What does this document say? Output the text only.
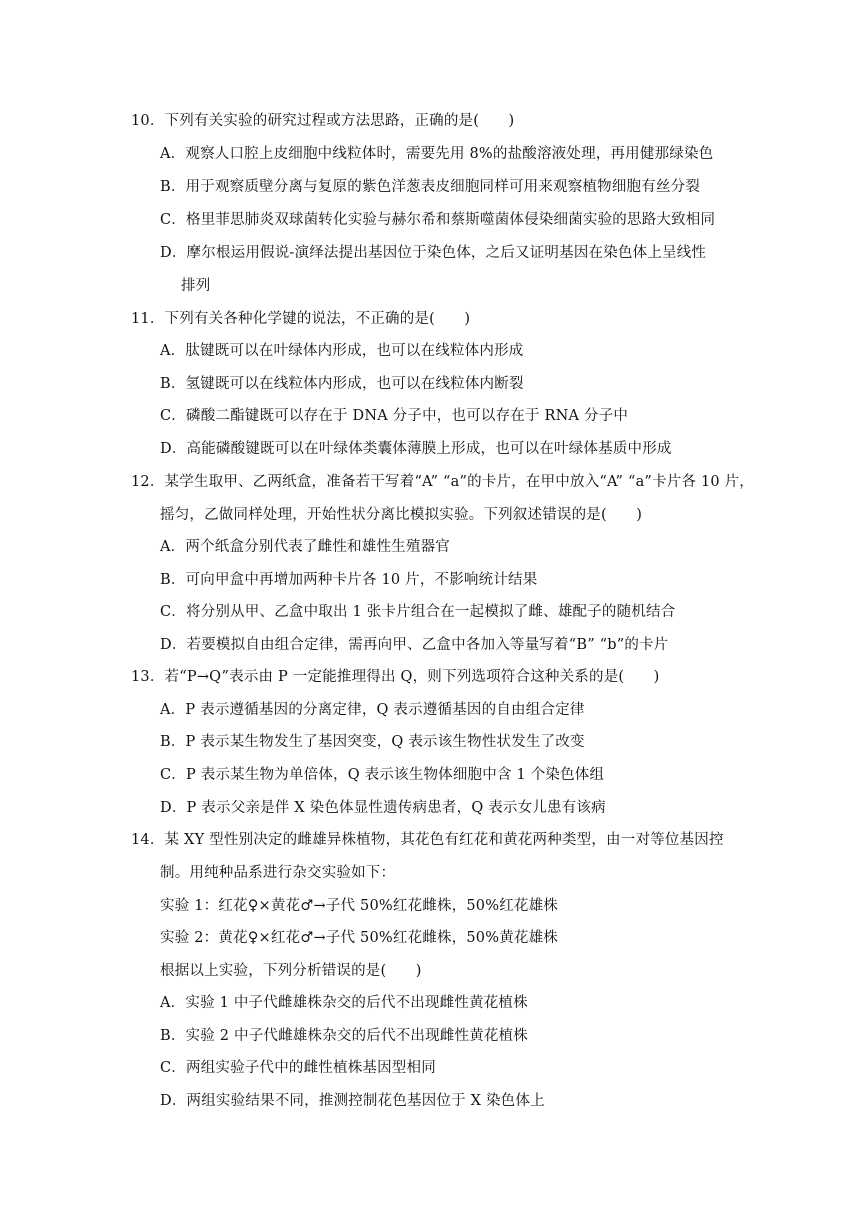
10．下列有关实验的研究过程或方法思路，正确的是(　　)
A．观察人口腔上皮细胞中线粒体时，需要先用 8%的盐酸溶液处理，再用健那绿染色
B．用于观察质壁分离与复原的紫色洋葱表皮细胞同样可用来观察植物细胞有丝分裂
C．格里菲思肺炎双球菌转化实验与赫尔希和蔡斯噬菌体侵染细菌实验的思路大致相同
D．摩尔根运用假说-演绎法提出基因位于染色体，之后又证明基因在染色体上呈线性
排列
11．下列有关各种化学键的说法，不正确的是(　　)
A．肽键既可以在叶绿体内形成，也可以在线粒体内形成
B．氢键既可以在线粒体内形成，也可以在线粒体内断裂
C．磷酸二酯键既可以存在于 DNA 分子中，也可以存在于 RNA 分子中
D．高能磷酸键既可以在叶绿体类囊体薄膜上形成，也可以在叶绿体基质中形成
12．某学生取甲、乙两纸盒，准备若干写着“A” “a”的卡片，在甲中放入“A” “a”卡片各 10 片，
摇匀，乙做同样处理，开始性状分离比模拟实验。下列叙述错误的是(　　)
A．两个纸盒分别代表了雌性和雄性生殖器官
B．可向甲盒中再增加两种卡片各 10 片，不影响统计结果
C．将分别从甲、乙盒中取出 1 张卡片组合在一起模拟了雌、雄配子的随机结合
D．若要模拟自由组合定律，需再向甲、乙盒中各加入等量写着“B” “b”的卡片
13．若“P→Q”表示由 P 一定能推理得出 Q，则下列选项符合这种关系的是(　　)
A．P 表示遵循基因的分离定律，Q 表示遵循基因的自由组合定律
B．P 表示某生物发生了基因突变，Q 表示该生物性状发生了改变
C．P 表示某生物为单倍体，Q 表示该生物体细胞中含 1 个染色体组
D．P 表示父亲是伴 X 染色体显性遗传病患者，Q 表示女儿患有该病
14．某 XY 型性别决定的雌雄异株植物，其花色有红花和黄花两种类型，由一对等位基因控
制。用纯种品系进行杂交实验如下：
实验 1：红花♀×黄花♂→子代 50%红花雌株，50%红花雄株
实验 2：黄花♀×红花♂→子代 50%红花雌株，50%黄花雄株
根据以上实验，下列分析错误的是(　　)
A．实验 1 中子代雌雄株杂交的后代不出现雌性黄花植株
B．实验 2 中子代雌雄株杂交的后代不出现雌性黄花植株
C．两组实验子代中的雌性植株基因型相同
D．两组实验结果不同，推测控制花色基因位于 X 染色体上
